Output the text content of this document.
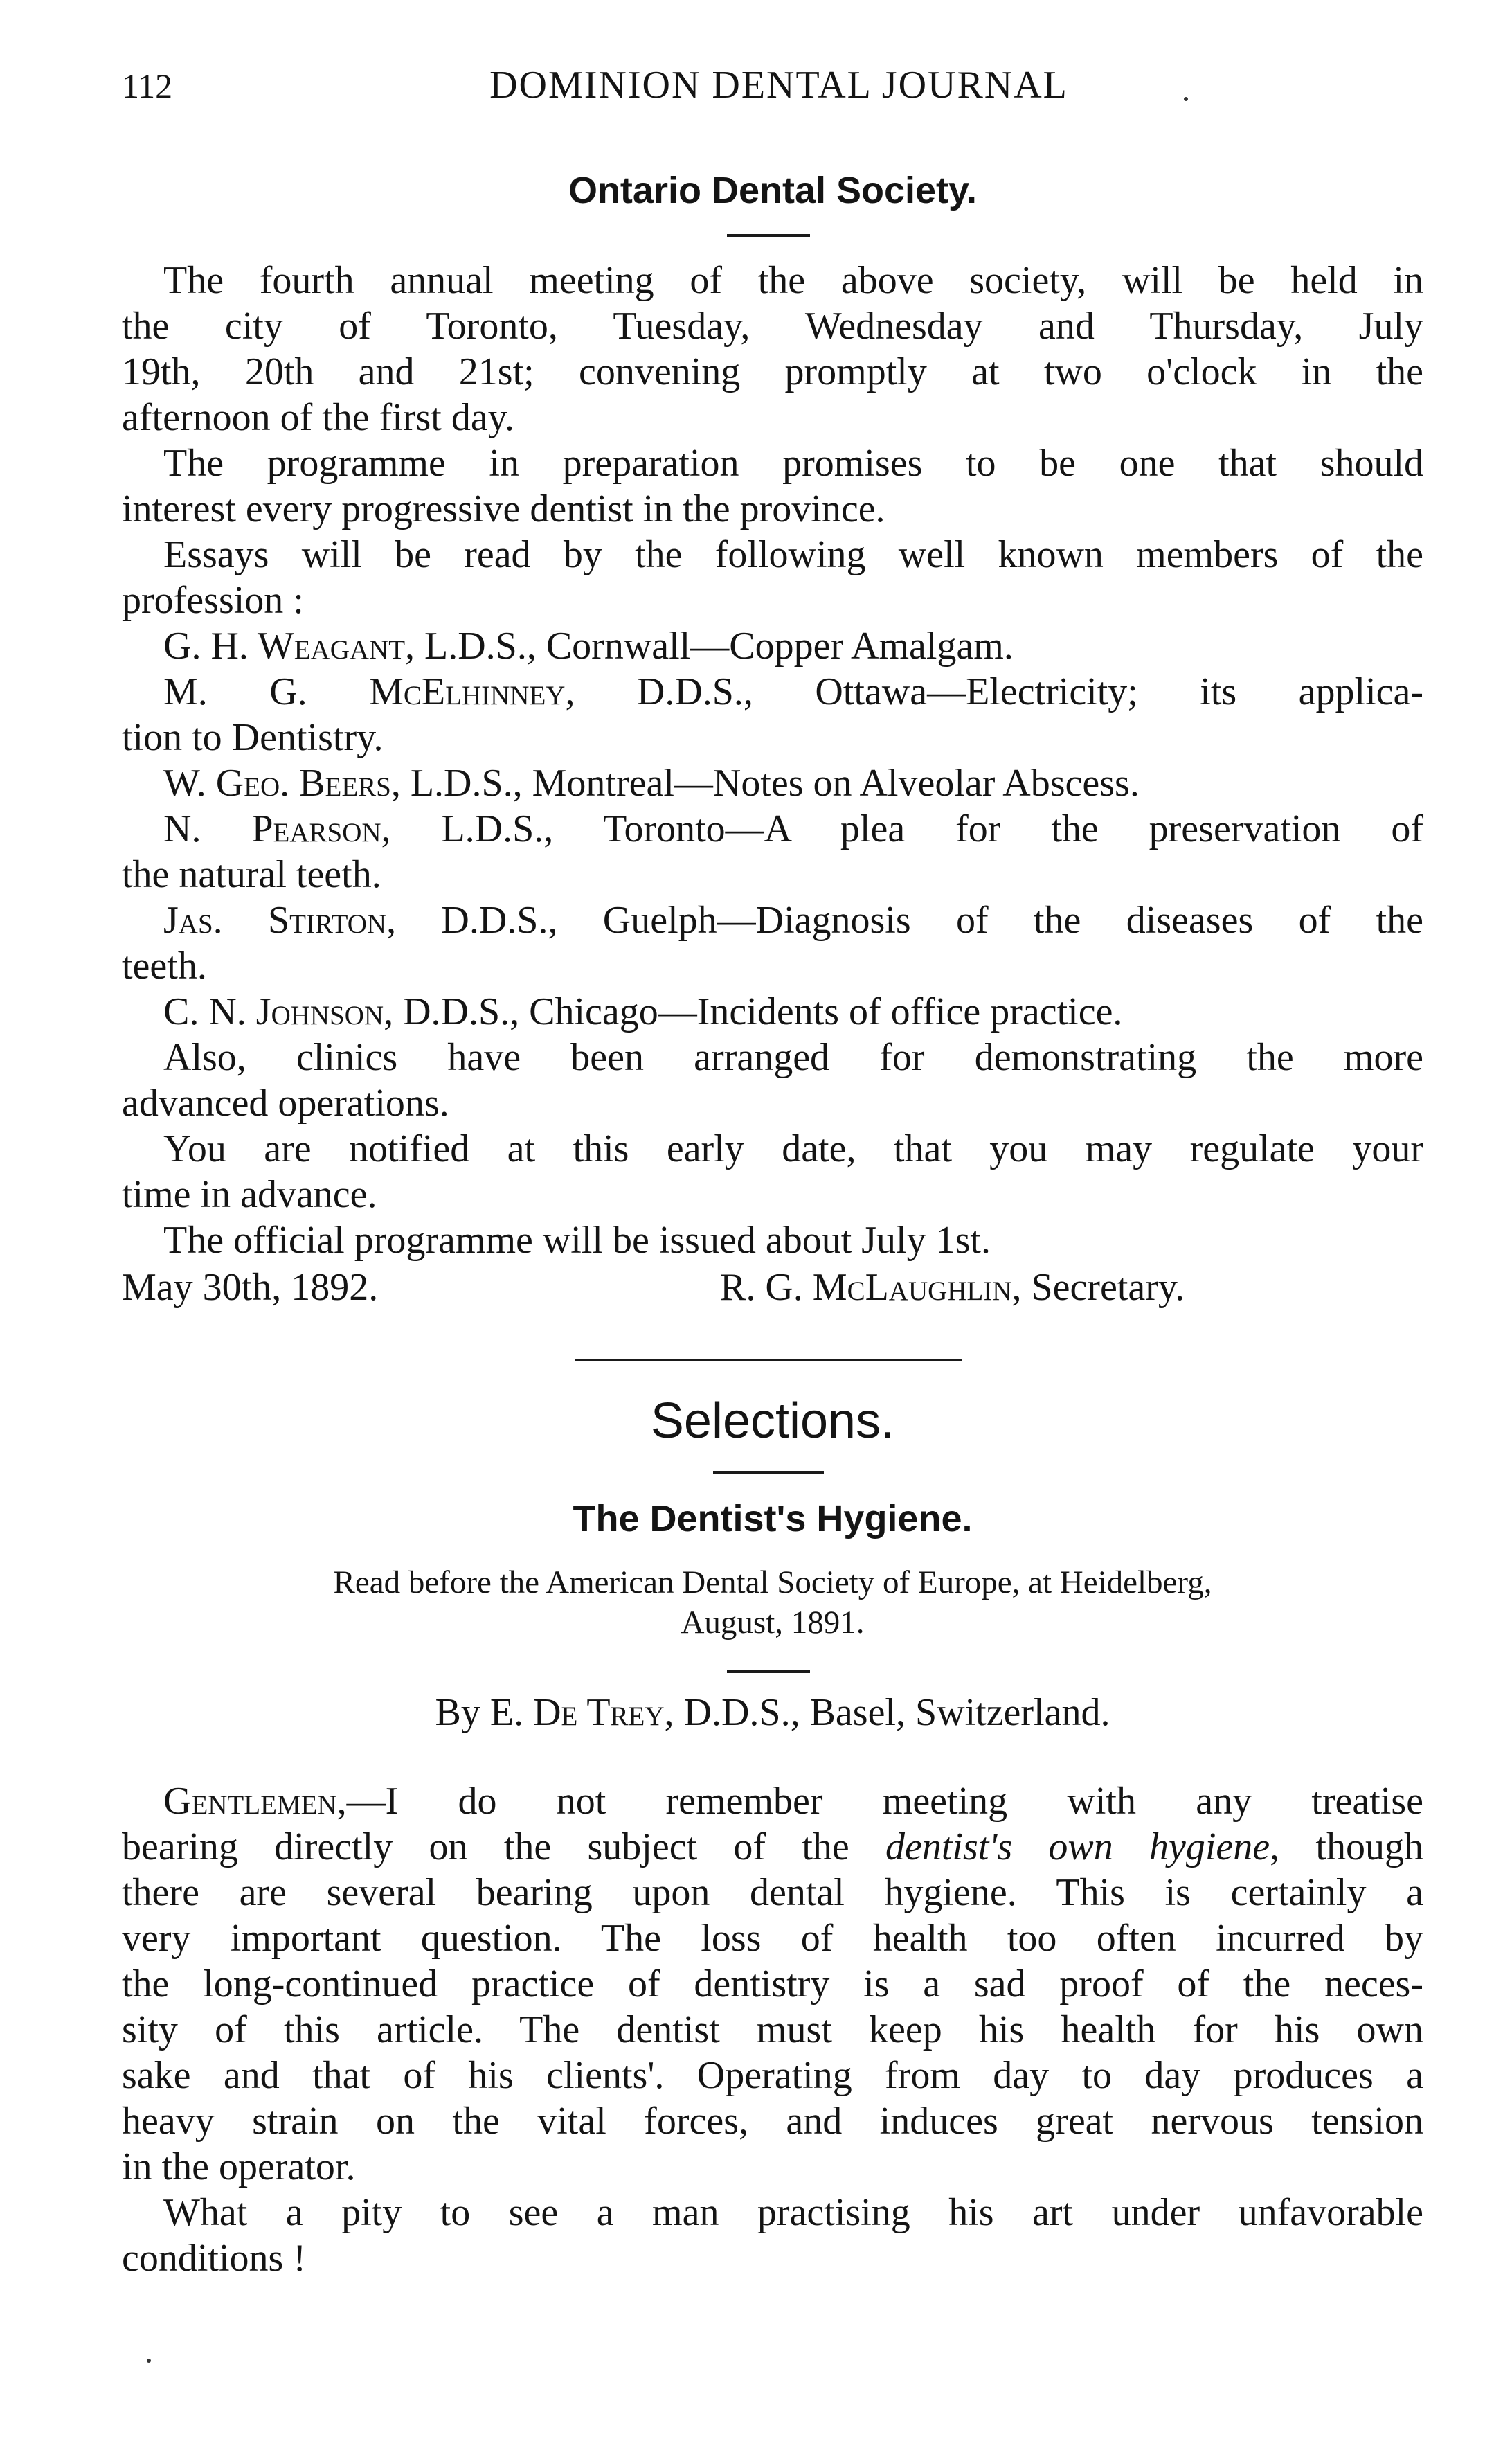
112	DOMINION DENTAL JOURNAL
Ontario Dental Society.
The fourth annual meeting of the above society, will be held in
the city of Toronto, Tuesday, Wednesday and Thursday, July
19th, 20th and 21st; convening promptly at two o'clock in the
afternoon of the first day.
The programme in preparation promises to be one that should
interest every progressive dentist in the province.
Essays will be read by the following well known members of the
profession :
G. H. Weagant, L.D.S., Cornwall—Copper Amalgam.
M. G. McElhinney, D.D.S., Ottawa—Electricity; its applica-
tion to Dentistry.
W. Geo. Beers, L.D.S., Montreal—Notes on Alveolar Abscess.
N. Pearson, L.D.S., Toronto—A plea for the preservation of
the natural teeth.
Jas. Stirton, D.D.S., Guelph—Diagnosis of the diseases of the
teeth.
C. N. Johnson, D.D.S., Chicago—Incidents of office practice.
Also, clinics have been arranged for demonstrating the more
advanced operations.
You are notified at this early date, that you may regulate your
time in advance.
The official programme will be issued about July 1st.
May 30th, 1892.	R. G. McLaughlin, Secretary.
Selections.
The Dentist's Hygiene.
Read before the American Dental Society of Europe, at Heidelberg,
August, 1891.
By E. De Trey, D.D.S., Basel, Switzerland.
Gentlemen,—I do not remember meeting with any treatise
bearing directly on the subject of the dentist's own hygiene, though
there are several bearing upon dental hygiene. This is certainly a
very important question. The loss of health too often incurred by
the long-continued practice of dentistry is a sad proof of the neces-
sity of this article. The dentist must keep his health for his own
sake and that of his clients'. Operating from day to day produces a
heavy strain on the vital forces, and induces great nervous tension
in the operator.
What a pity to see a man practising his art under unfavorable
conditions !
